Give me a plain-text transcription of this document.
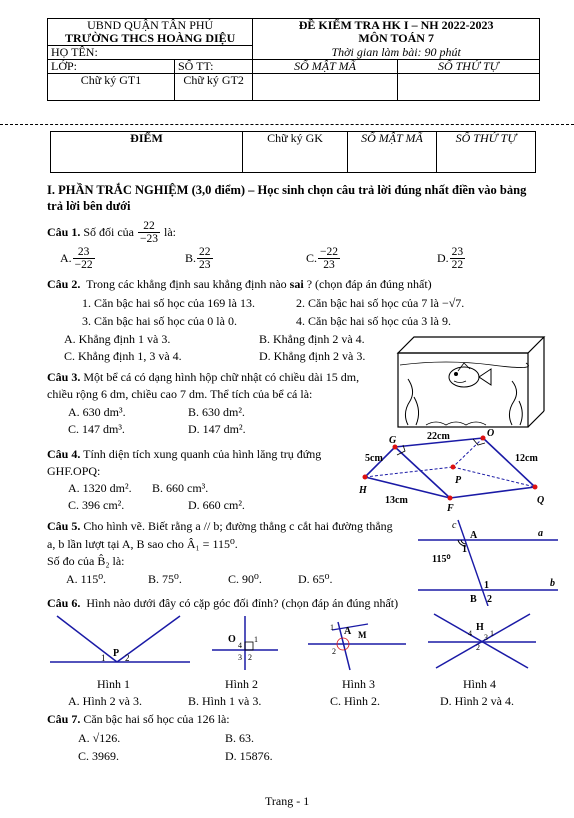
UBND QUẬN TÂN PHÚ		ĐỀ KIỂM TRA HK I – NH 2022-2023	
TRƯỜNG THCS HOÀNG DIỆU		MÔN TOÁN 7	
HỌ TÊN:		Thời gian làm bài: 90 phút	
LỚP:	SỐ TT:	SỐ MẬT MÃ	SỐ THỨ TỰ
Chữ ký GT1	Chữ ký GT2		
ĐIỂM	Chữ ký GK	SỐ MẬT MÃ	SỐ THỨ TỰ
I. PHẦN TRẮC NGHIỆM (3,0 điểm) – Học sinh chọn câu trả lời đúng nhất điền vào bảng
trả lời bên dưới
Câu 1.
Số đối của
$\frac{22}{-23}$
là:
A. $\frac{23}{-22}$	B. $\frac{22}{23}$	C. $\frac{-22}{23}$	D. $\frac{23}{22}$
Câu 2. Trong các khẳng định sau khẳng định nào sai ? (chọn đáp án đúng nhất)
1. Căn bậc hai số học của 169 là 13.	2. Căn bậc hai số học của 7 là −√7.
3. Căn bậc hai số học của 0 là 0.	4. Căn bậc hai số học của 3 là 9.
A. Khẳng định 1 và 3.	B. Khẳng định 2 và 4.
C. Khẳng định 1, 3 và 4.	D. Khẳng định 2 và 3.
Câu 3. Một bể cá có dạng hình hộp chữ nhật có chiều dài 15 dm,
chiều rộng 6 dm, chiều cao 7 dm. Thể tích của bể cá là:
A. 630 dm³.	B. 630 dm².
C. 147 dm³.	D. 147 dm².
Câu 4. Tính diện tích xung quanh của hình lăng trụ đứng
GHF.OPQ:
A. 1320 dm². B. 660 cm³.
C. 396 cm².	D. 660 cm².
G
O
H
P
F
Q
22cm
5cm	12cm
13cm
Câu 5. Cho hình vẽ. Biết rằng a // b; đường thẳng c cắt hai đường thẳng
a, b lần lượt tại A, B sao cho Â₁ = 115⁰.
Số đo của B̂₂ là:
A. 115⁰.	B. 75⁰.	C. 90⁰.	D. 65⁰.
c
a
b
A
B
1
1
2
115⁰
Câu 6. Hình nào dưới đây có cặp góc đối đỉnh? (chọn đáp án đúng nhất)
P
1 2
O
4
1
3 2
1 A M
2
H
4 1
2
3
Hình 1	Hình 2	Hình 3	Hình 4
A. Hình 2 và 3.	B. Hình 1 và 3.	C. Hình 2.	D. Hình 2 và 4.
Câu 7. Căn bậc hai số học của 126 là:
A. √126.	B. 63.
C. 3969.	D. 15876.
Trang - 1
